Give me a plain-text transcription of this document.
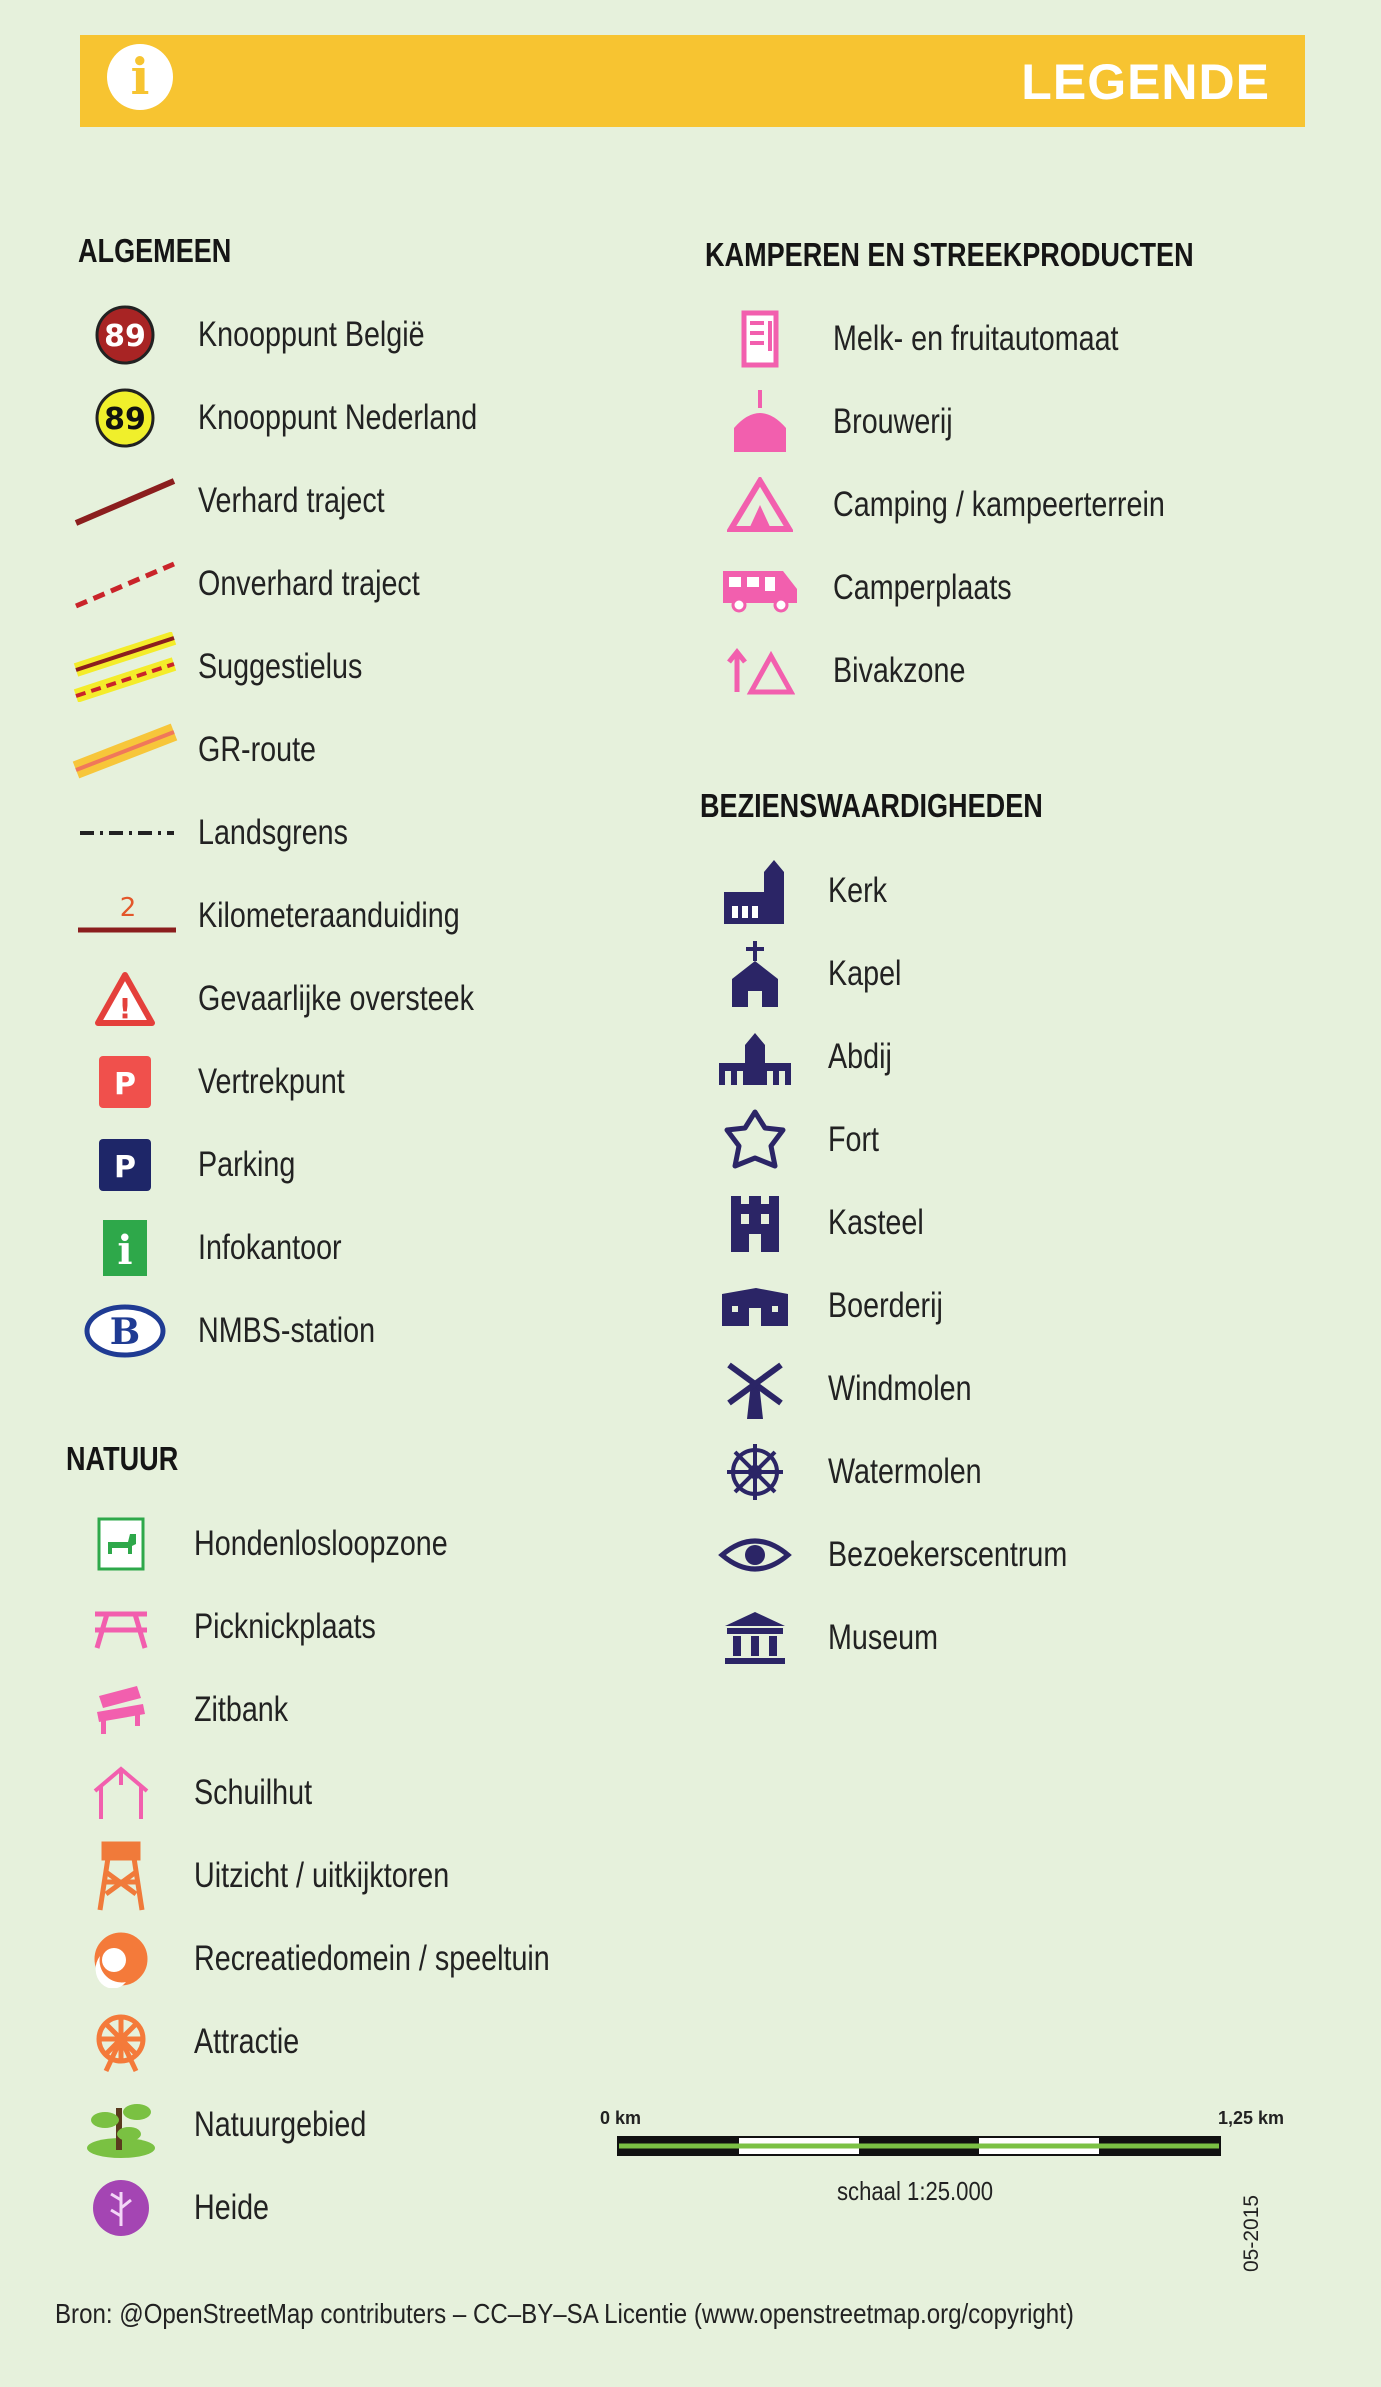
i	LEGENDE
ALGEMEEN
89 Knooppunt België
89 Knooppunt Nederland
Verhard traject
Onverhard traject
Suggestielus
GR-route
Landsgrens
2 Kilometeraanduiding
! Gevaarlijke oversteek
P Vertrekpunt
P Parking
i Infokantoor
B NMBS-station
NATUUR
Hondenlosloopzone
Picknickplaats
Zitbank
Schuilhut
Uitzicht / uitkijktoren
Recreatiedomein / speeltuin
Attractie
Natuurgebied
Heide
KAMPEREN EN STREEKPRODUCTEN
Melk- en fruitautomaat
Brouwerij
Camping / kampeerterrein
Camperplaats
Bivakzone
BEZIENSWAARDIGHEDEN
Kerk
Kapel
Abdij
Fort
Kasteel
Boerderij
Windmolen
Watermolen
Bezoekerscentrum
Museum
0 km	1,25 km
schaal 1:25.000
Bron: @OpenStreetMap contributers – CC–BY–SA Licentie (www.openstreetmap.org/copyright)
05-2015
